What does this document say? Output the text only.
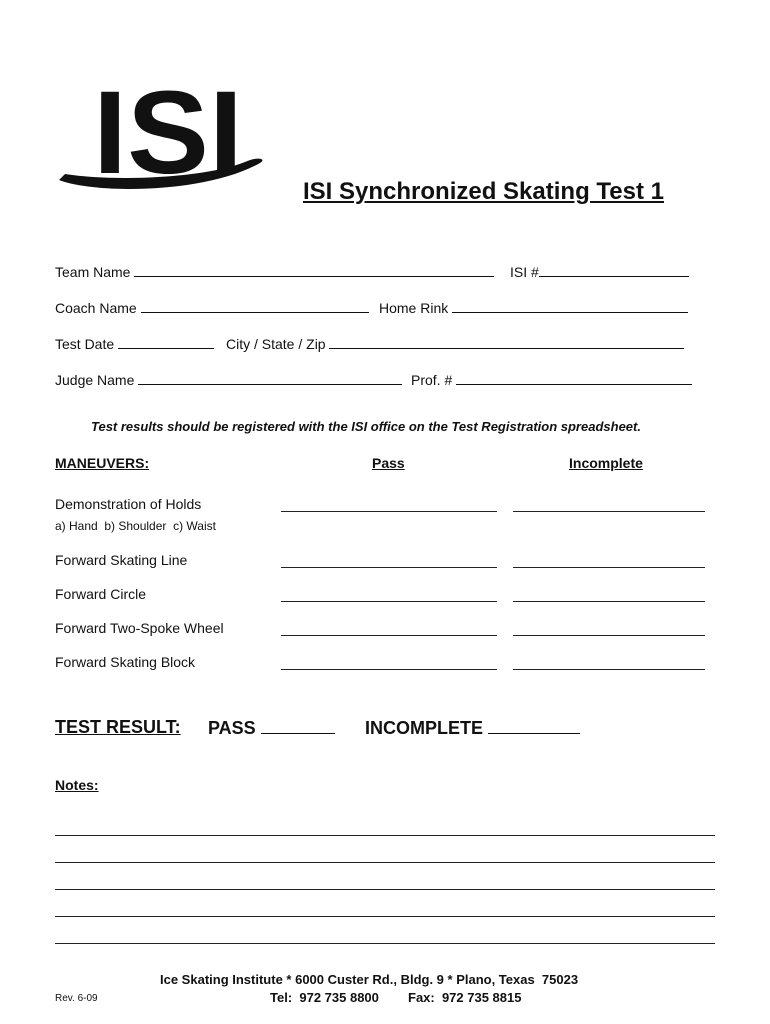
ISI	ISI Synchronized Skating Test 1
Team Name	ISI #
Coach Name	Home Rink
Test Date	City / State / Zip
Judge Name	Prof. #
Test results should be registered with the ISI office on the Test Registration spreadsheet.
MANEUVERS:	Pass	Incomplete
Demonstration of Holds
a) Hand  b) Shoulder  c) Waist
Forward Skating Line
Forward Circle
Forward Two-Spoke Wheel
Forward Skating Block
TEST RESULT: PASS	INCOMPLETE
Notes:
Ice Skating Institute * 6000 Custer Rd., Bldg. 9 * Plano, Texas  75023
Tel:  972 735 8800 Fax:  972 735 8815
Rev. 6-09
